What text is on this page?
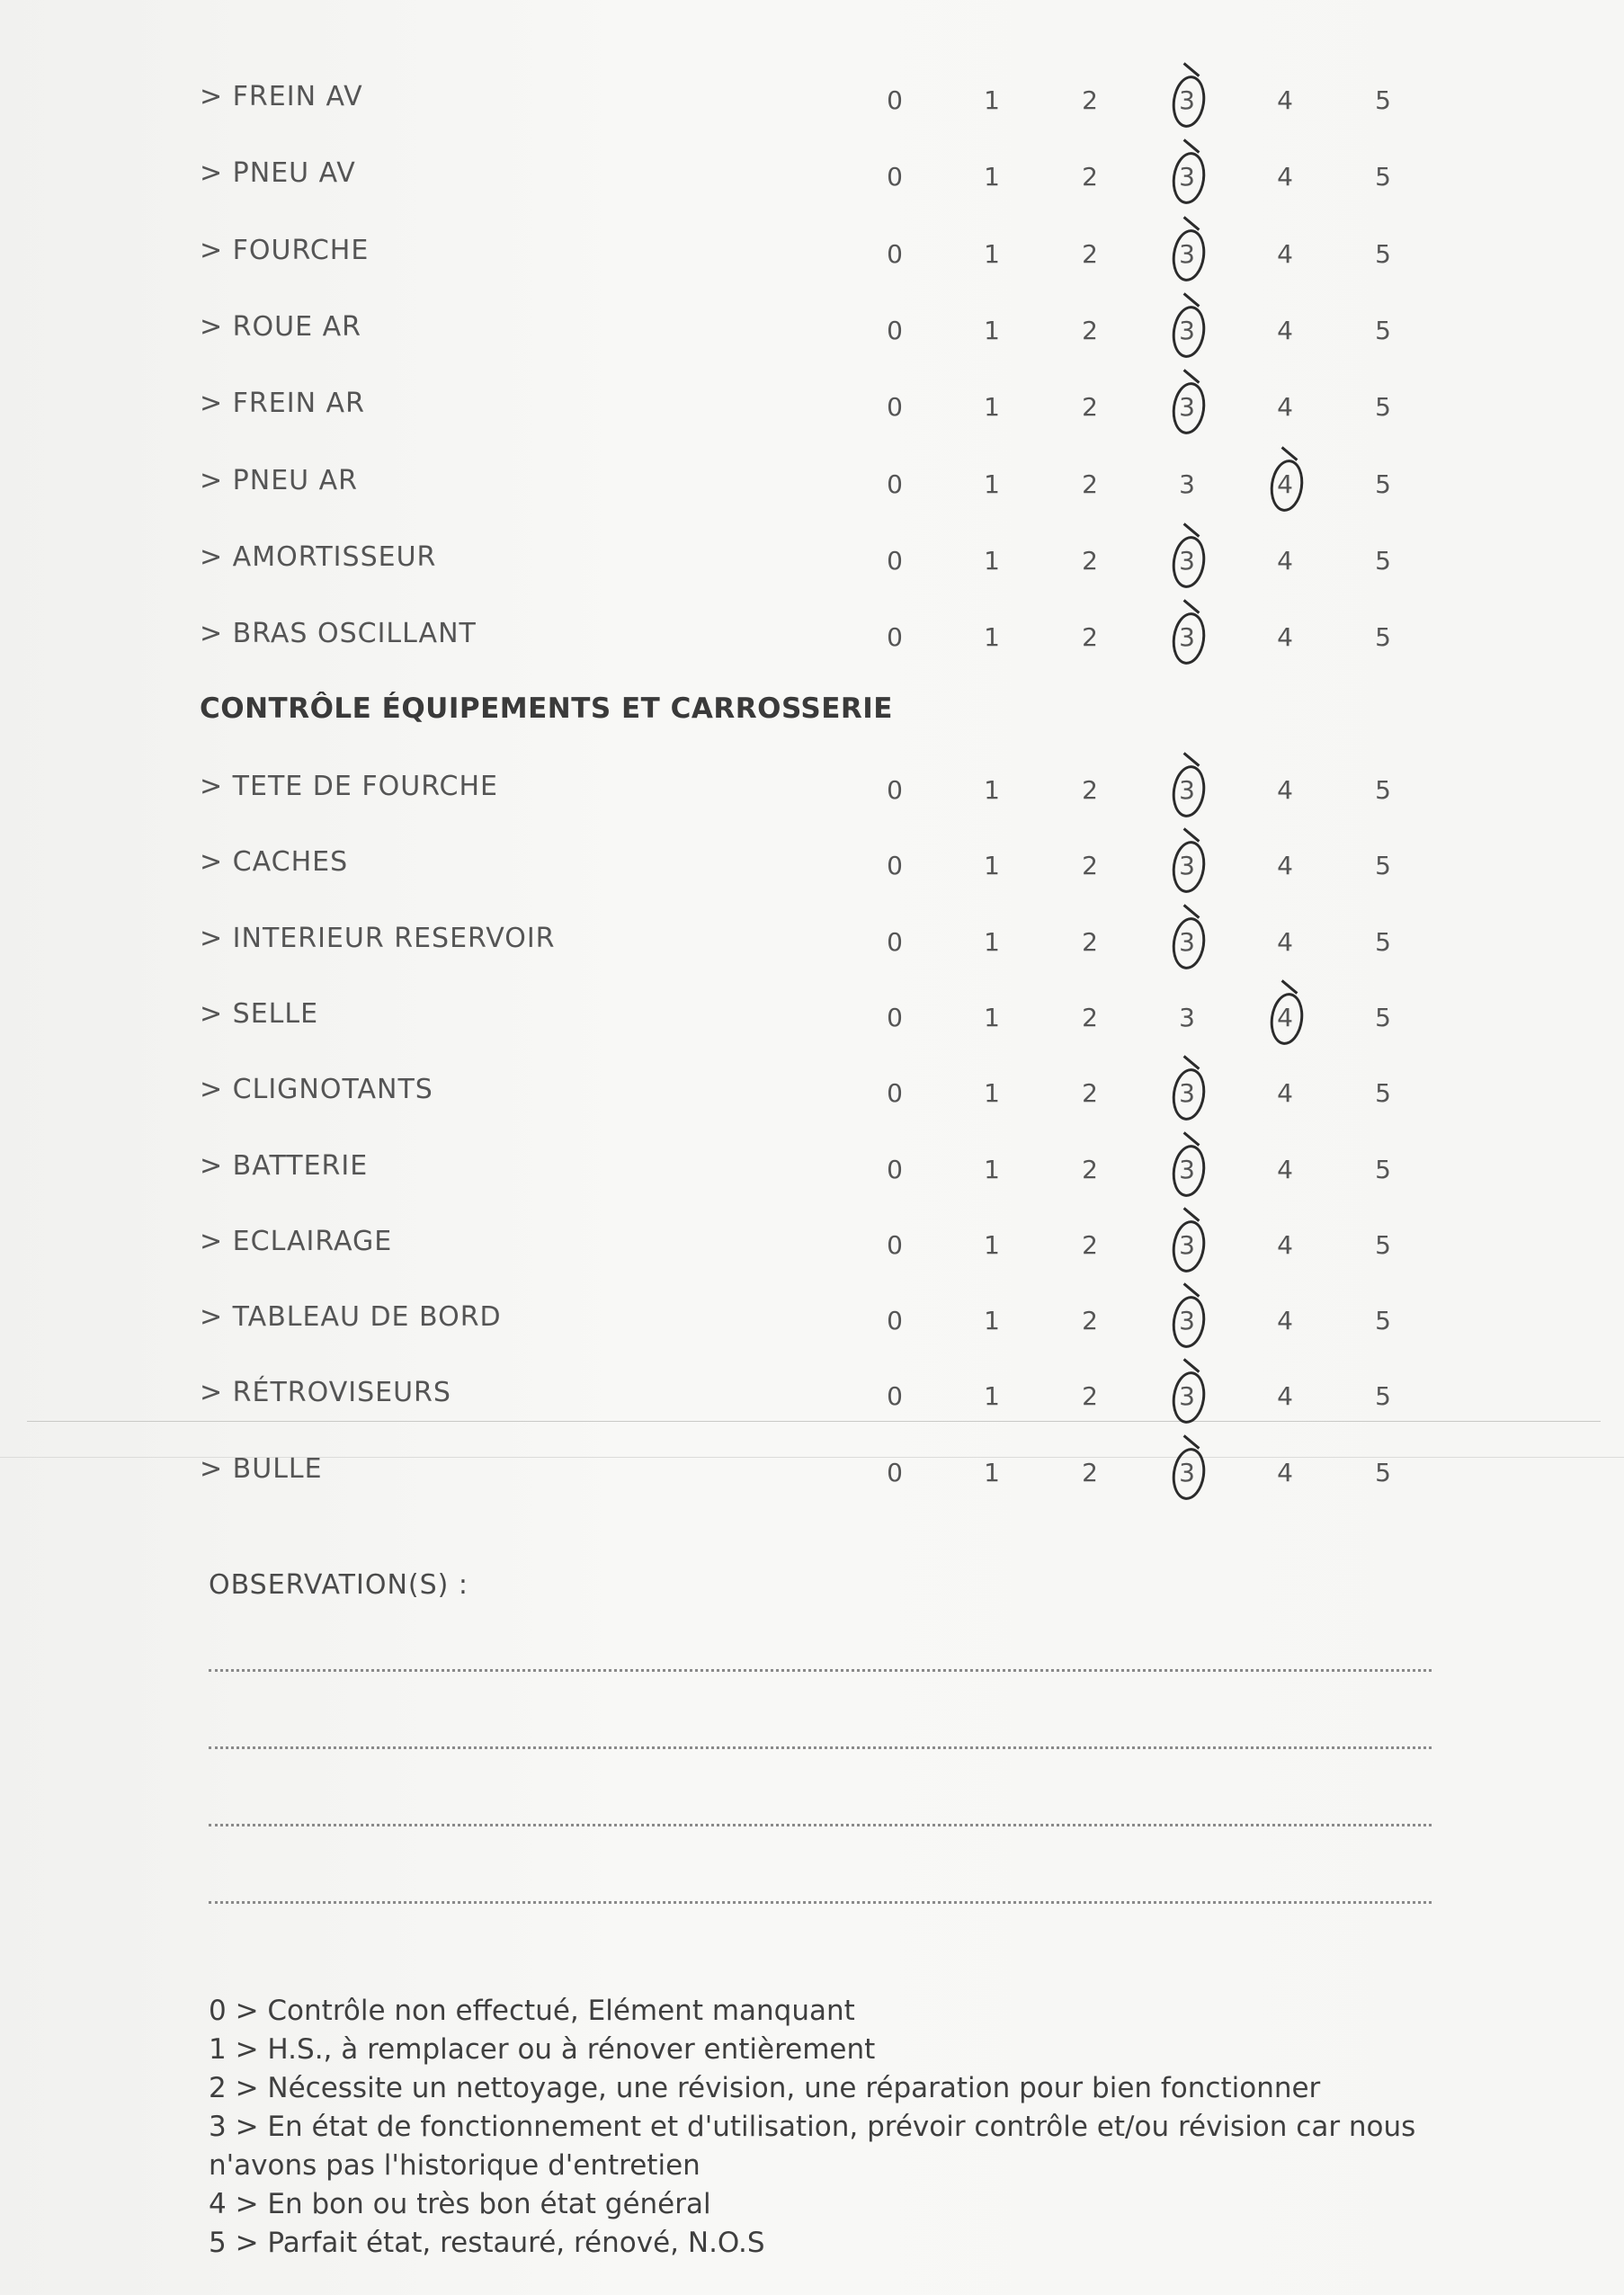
> FREIN AV	0	1	2	3	4	5
> PNEU AV	0	1	2	3	4	5
> FOURCHE	0	1	2	3	4	5
> ROUE AR	0	1	2	3	4	5
> FREIN AR	0	1	2	3	4	5
> PNEU AR	0	1	2	3	4	5
> AMORTISSEUR	0	1	2	3	4	5
> BRAS OSCILLANT	0	1	2	3	4	5
CONTRÔLE ÉQUIPEMENTS ET CARROSSERIE
> TETE DE FOURCHE	0	1	2	3	4	5
> CACHES	0	1	2	3	4	5
> INTERIEUR RESERVOIR	0	1	2	3	4	5
> SELLE	0	1	2	3	4	5
> CLIGNOTANTS	0	1	2	3	4	5
> BATTERIE	0	1	2	3	4	5
> ECLAIRAGE	0	1	2	3	4	5
> TABLEAU DE BORD	0	1	2	3	4	5
> RÉTROVISEURS	0	1	2	3	4	5
> BULLE	0	1	2	3	4	5
OBSERVATION(S) :
0 > Contrôle non effectué, Elément manquant
1 > H.S., à remplacer ou à rénover entièrement
2 > Nécessite un nettoyage, une révision, une réparation pour bien fonctionner
3 > En état de fonctionnement et d'utilisation, prévoir contrôle et/ou révision car nous
n'avons pas l'historique d'entretien
4 > En bon ou très bon état général
5 > Parfait état, restauré, rénové, N.O.S
